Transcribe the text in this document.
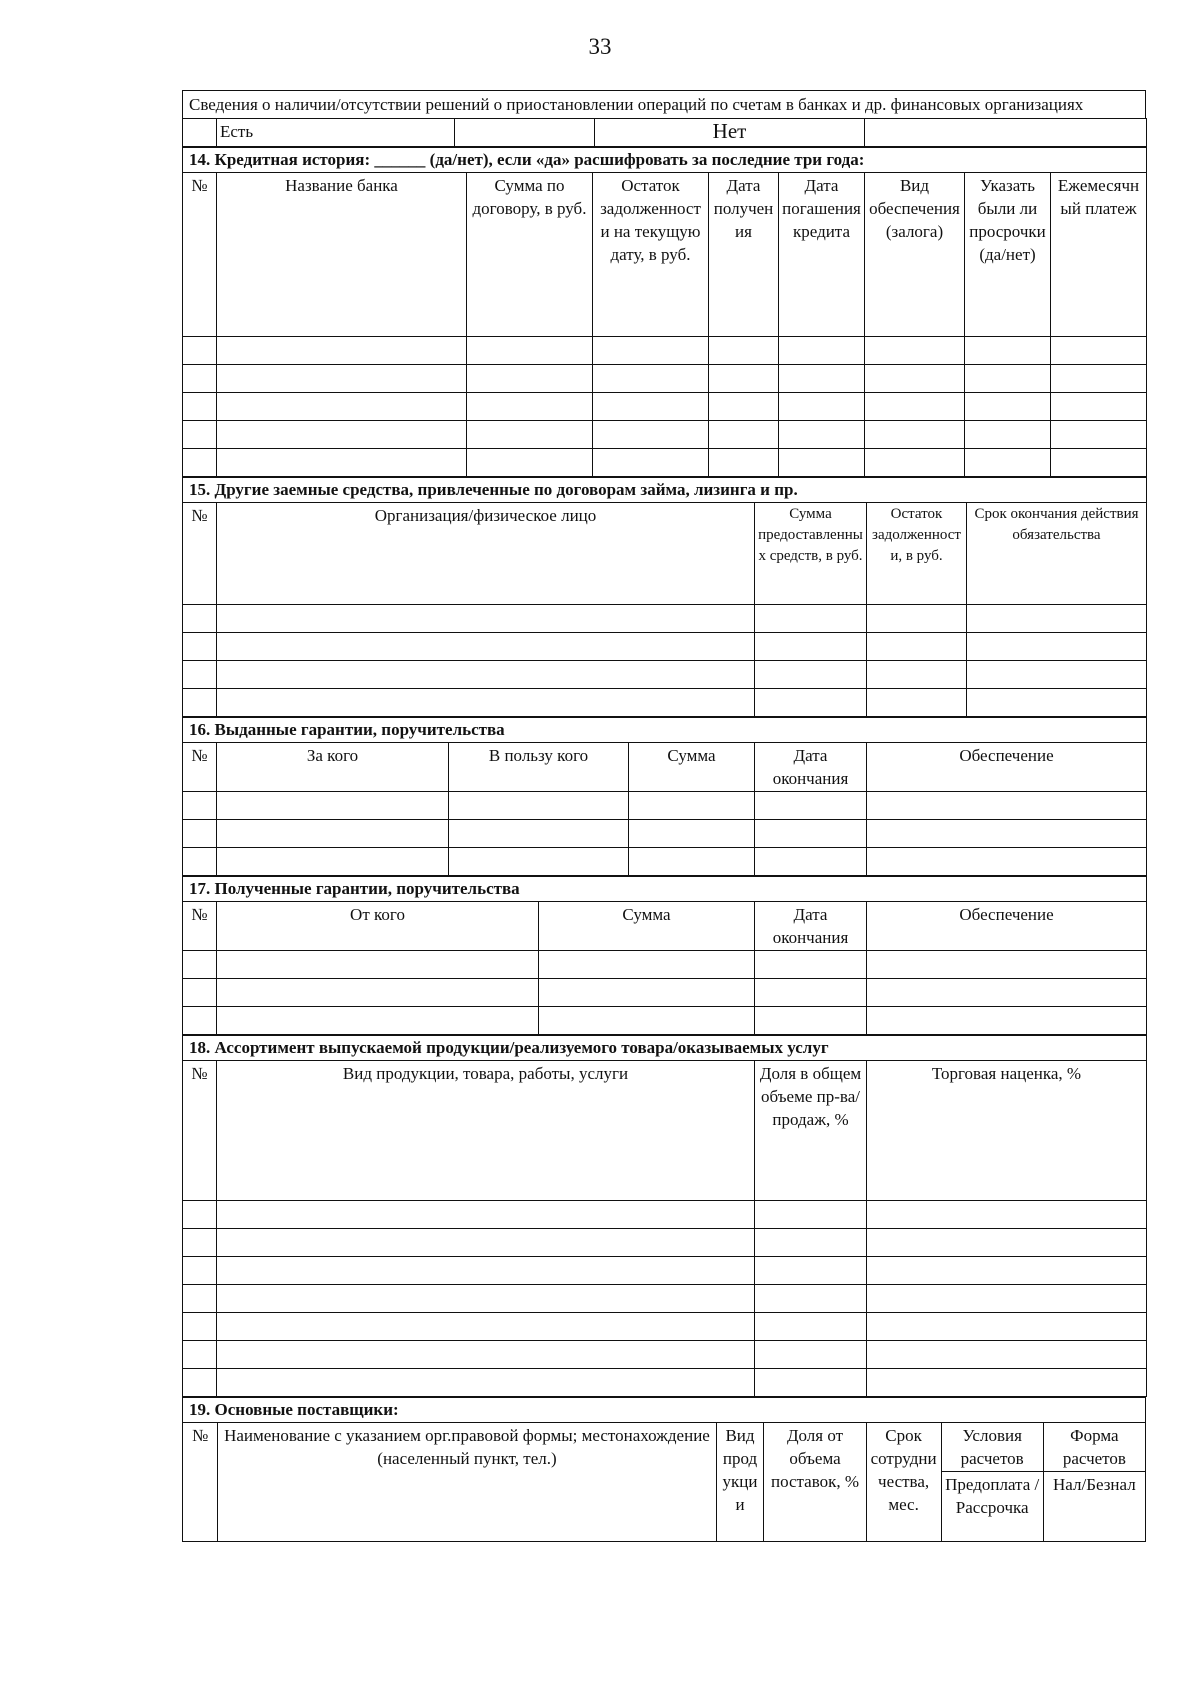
33
Сведения о наличии/отсутствии решений о приостановлении операций по счетам в банках и др. финансовых организациях
	Есть		Нет	
14. Кредитная история: ______ (да/нет), если «да» расшифровать за последние три года:								
№	Название банка	Сумма по договору, в руб.	Остаток задолженности на текущую дату, в руб.	Дата получения	Дата погашения кредита	Вид обеспечения (залога)	Указать были ли просрочки (да/нет)	Ежемесячный платеж

15. Другие заемные средства, привлеченные по договорам займа, лизинга и пр.				
№	Организация/физическое лицо	Сумма предоставленных средств, в руб.	Остаток задолженности, в руб.	Срок окончания действия обязательства

16. Выданные гарантии, поручительства					
№	За кого	В пользу кого	Сумма	Дата окончания	Обеспечение

17. Полученные гарантии, поручительства				
№	От кого	Сумма	Дата окончания	Обеспечение

18. Ассортимент выпускаемой продукции/реализуемого товара/оказываемых услуг			
№	Вид продукции, товара, работы, услуги	Доля в общем объеме пр-ва/продаж, %	Торговая наценка, %

19. Основные поставщики:						
№	Наименование с указанием орг.правовой формы; местонахождение (населенный пункт, тел.)	Вид продукции	Доля от объема поставок, %	Срок сотрудничества, мес.	Условия расчетов	Форма расчетов
					Предоплата / Рассрочка	Нал/Безнал
